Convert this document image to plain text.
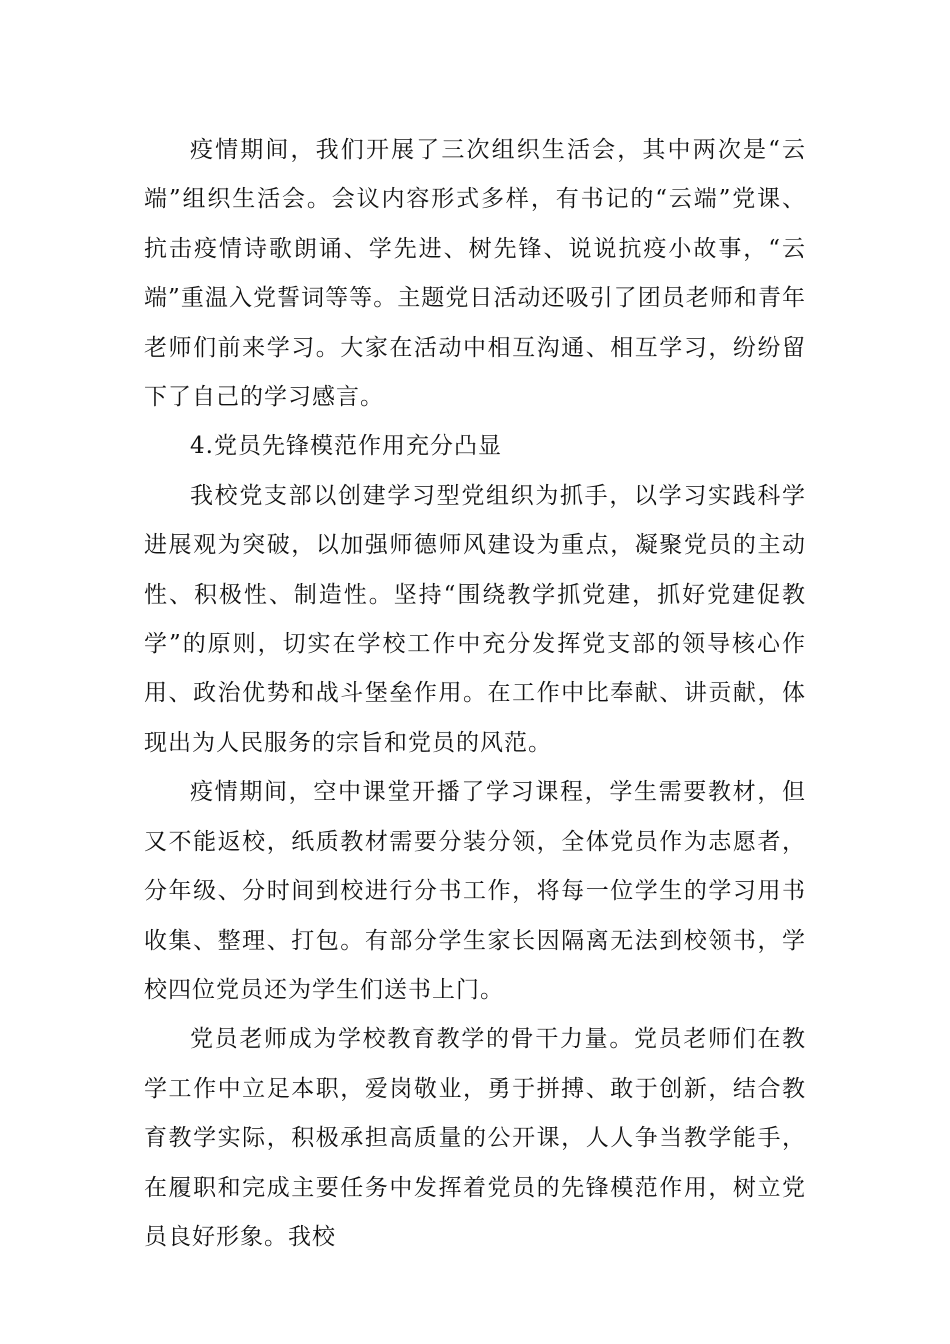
疫情期间，我们开展了三次组织生活会，其中两次是“云端”组织生活会。会议内容形式多样，有书记的“云端”党课、抗击疫情诗歌朗诵、学先进、树先锋、说说抗疫小故事，“云端”重温入党誓词等等。主题党日活动还吸引了团员老师和青年老师们前来学习。大家在活动中相互沟通、相互学习，纷纷留下了自己的学习感言。

4.党员先锋模范作用充分凸显

我校党支部以创建学习型党组织为抓手，以学习实践科学进展观为突破，以加强师德师风建设为重点，凝聚党员的主动性、积极性、制造性。坚持“围绕教学抓党建，抓好党建促教学”的原则，切实在学校工作中充分发挥党支部的领导核心作用、政治优势和战斗堡垒作用。在工作中比奉献、讲贡献，体现出为人民服务的宗旨和党员的风范。

疫情期间，空中课堂开播了学习课程，学生需要教材，但又不能返校，纸质教材需要分装分领，全体党员作为志愿者，分年级、分时间到校进行分书工作，将每一位学生的学习用书收集、整理、打包。有部分学生家长因隔离无法到校领书，学校四位党员还为学生们送书上门。

党员老师成为学校教育教学的骨干力量。党员老师们在教学工作中立足本职，爱岗敬业，勇于拼搏、敢于创新，结合教育教学实际，积极承担高质量的公开课，人人争当教学能手，在履职和完成主要任务中发挥着党员的先锋模范作用，树立党员良好形象。我校
